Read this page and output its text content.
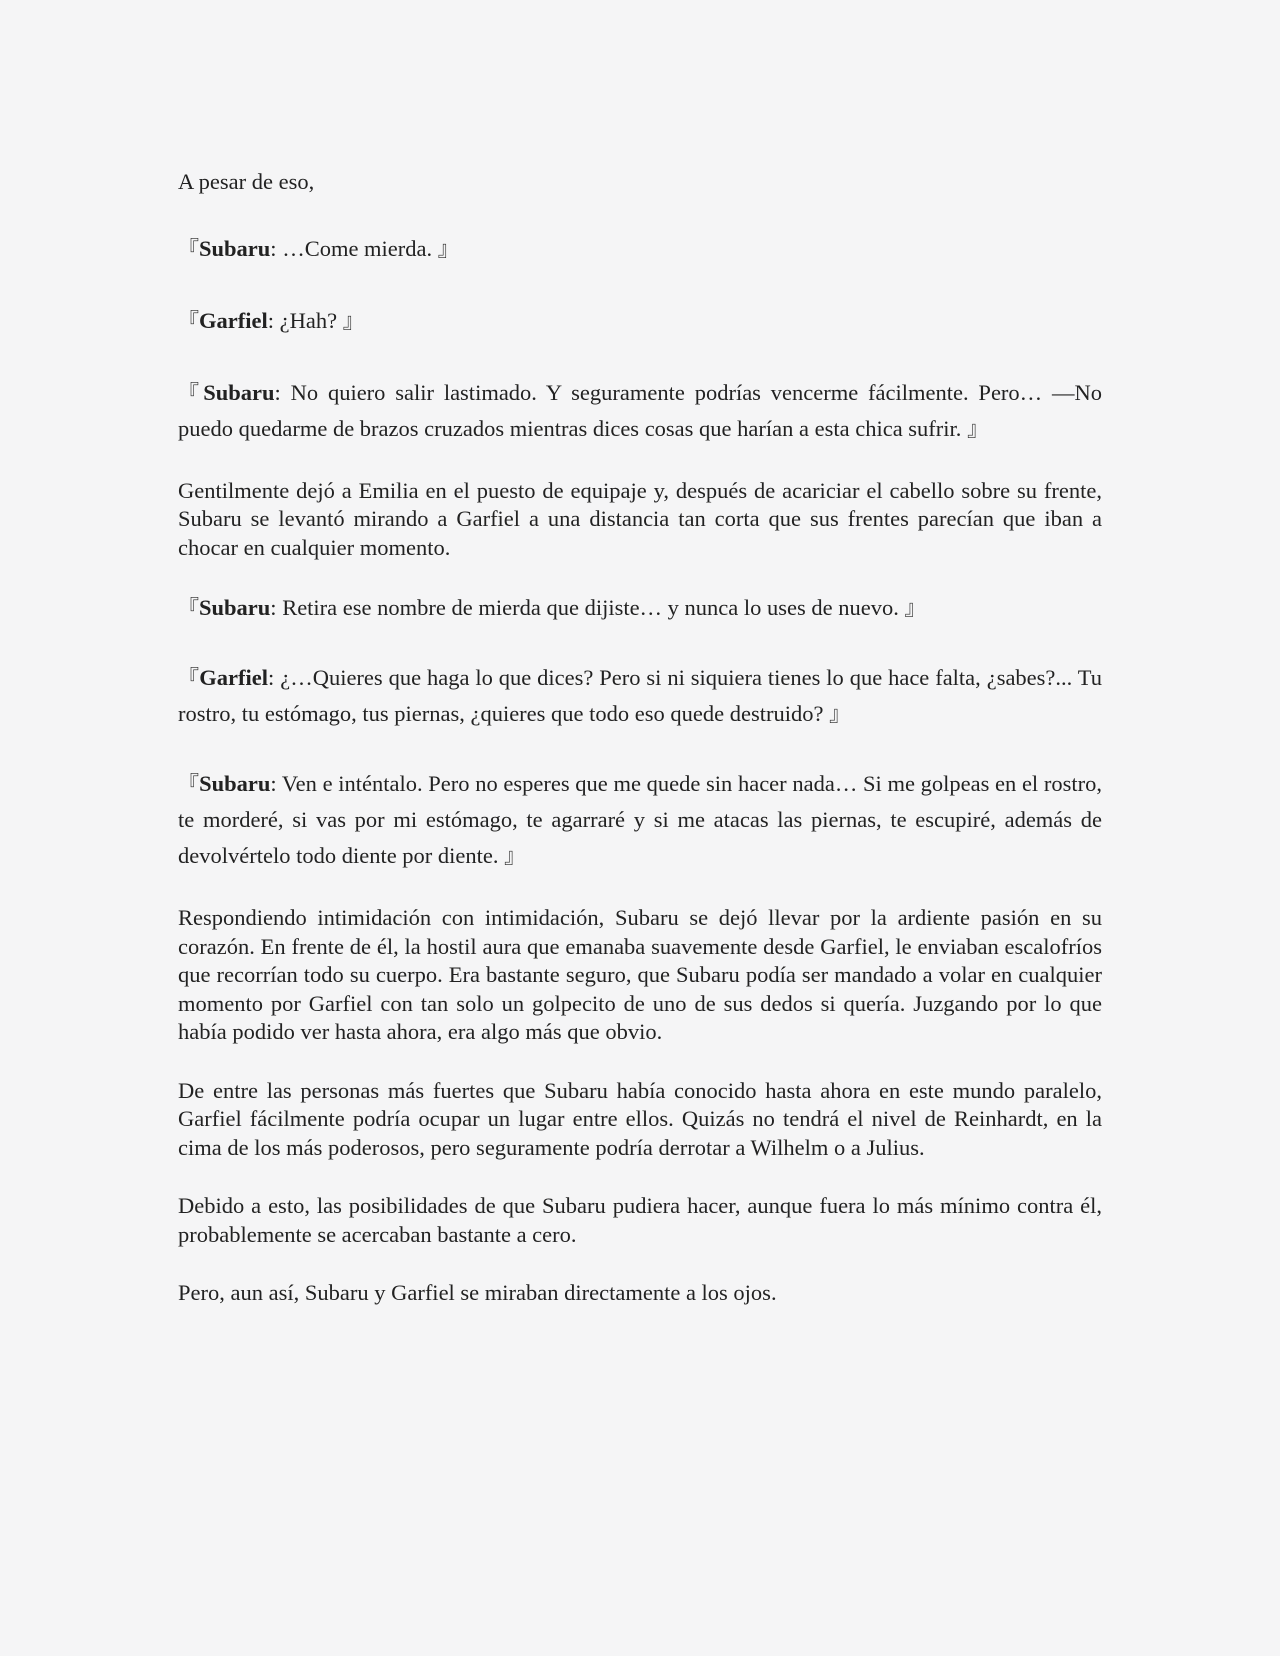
A pesar de eso,

『Subaru: …Come mierda. 』

『Garfiel: ¿Hah? 』

『Subaru: No quiero salir lastimado. Y seguramente podrías vencerme fácilmente. Pero… —No puedo quedarme de brazos cruzados mientras dices cosas que harían a esta chica sufrir. 』

Gentilmente dejó a Emilia en el puesto de equipaje y, después de acariciar el cabello sobre su frente, Subaru se levantó mirando a Garfiel a una distancia tan corta que sus frentes parecían que iban a chocar en cualquier momento.

『Subaru: Retira ese nombre de mierda que dijiste… y nunca lo uses de nuevo. 』

『Garfiel: ¿…Quieres que haga lo que dices? Pero si ni siquiera tienes lo que hace falta, ¿sabes?... Tu rostro, tu estómago, tus piernas, ¿quieres que todo eso quede destruido? 』

『Subaru: Ven e inténtalo. Pero no esperes que me quede sin hacer nada… Si me golpeas en el rostro, te morderé, si vas por mi estómago, te agarraré y si me atacas las piernas, te escupiré, además de devolvértelo todo diente por diente. 』

Respondiendo intimidación con intimidación, Subaru se dejó llevar por la ardiente pasión en su corazón. En frente de él, la hostil aura que emanaba suavemente desde Garfiel, le enviaban escalofríos que recorrían todo su cuerpo. Era bastante seguro, que Subaru podía ser mandado a volar en cualquier momento por Garfiel con tan solo un golpecito de uno de sus dedos si quería. Juzgando por lo que había podido ver hasta ahora, era algo más que obvio.

De entre las personas más fuertes que Subaru había conocido hasta ahora en este mundo paralelo, Garfiel fácilmente podría ocupar un lugar entre ellos. Quizás no tendrá el nivel de Reinhardt, en la cima de los más poderosos, pero seguramente podría derrotar a Wilhelm o a Julius.

Debido a esto, las posibilidades de que Subaru pudiera hacer, aunque fuera lo más mínimo contra él, probablemente se acercaban bastante a cero.

Pero, aun así, Subaru y Garfiel se miraban directamente a los ojos.
